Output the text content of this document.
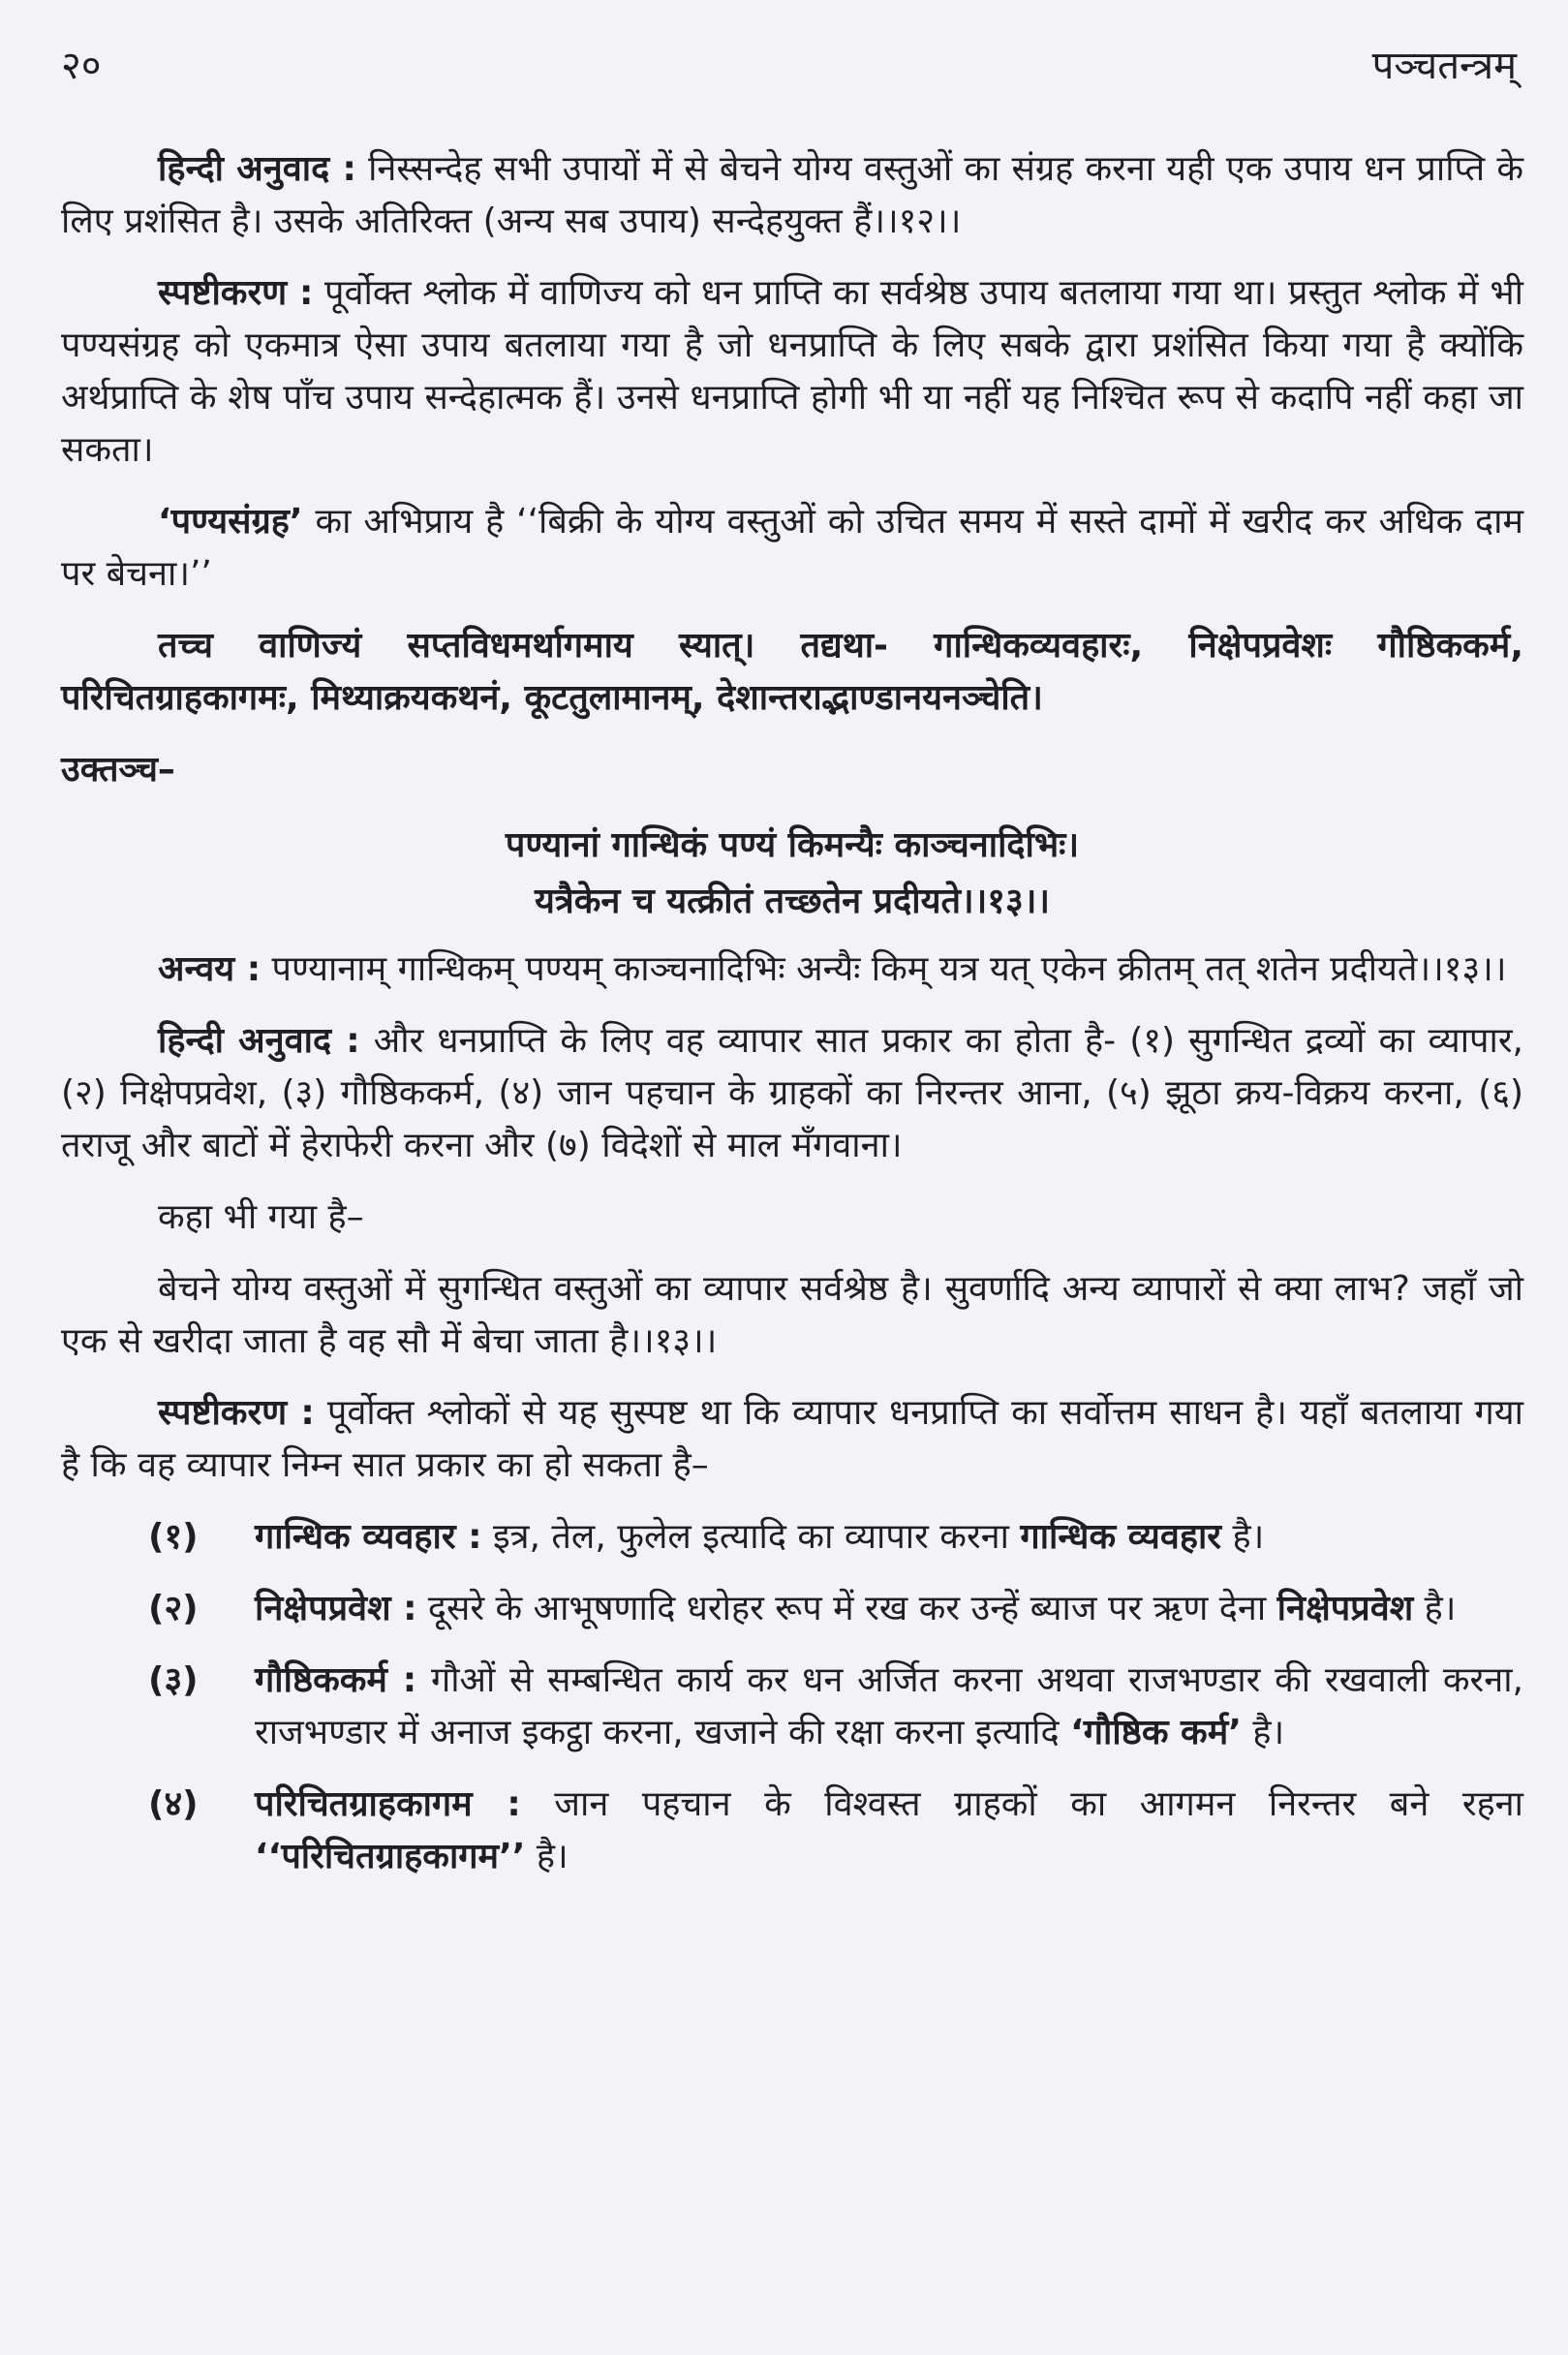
२०	पञ्चतन्त्रम्

हिन्दी अनुवाद : निस्सन्देह सभी उपायों में से बेचने योग्य वस्तुओं का संग्रह करना यही एक उपाय धन प्राप्ति के लिए प्रशंसित है। उसके अतिरिक्त (अन्य सब उपाय) सन्देहयुक्त हैं।।१२।।

स्पष्टीकरण : पूर्वोक्त श्लोक में वाणिज्य को धन प्राप्ति का सर्वश्रेष्ठ उपाय बतलाया गया था। प्रस्तुत श्लोक में भी पण्यसंग्रह को एकमात्र ऐसा उपाय बतलाया गया है जो धनप्राप्ति के लिए सबके द्वारा प्रशंसित किया गया है क्योंकि अर्थप्राप्ति के शेष पाँच उपाय सन्देहात्मक हैं। उनसे धनप्राप्ति होगी भी या नहीं यह निश्चित रूप से कदापि नहीं कहा जा सकता।

‘पण्यसंग्रह’ का अभिप्राय है ‘‘बिक्री के योग्य वस्तुओं को उचित समय में सस्ते दामों में खरीद कर अधिक दाम पर बेचना।’’

तच्च वाणिज्यं सप्तविधमर्थागमाय स्यात्। तद्यथा- गान्धिकव्यवहारः, निक्षेपप्रवेशः गौष्ठिककर्म, परिचितग्राहकागमः, मिथ्याक्रयकथनं, कूटतुलामानम्, देशान्तराद्भाण्डानयनञ्चेति।

उक्तञ्च–

पण्यानां गान्धिकं पण्यं किमन्यैः काञ्चनादिभिः।
यत्रैकेन च यत्क्रीतं तच्छतेन प्रदीयते।।१३।।

अन्वय : पण्यानाम् गान्धिकम् पण्यम् काञ्चनादिभिः अन्यैः किम् यत्र यत् एकेन क्रीतम् तत् शतेन प्रदीयते।।१३।।

हिन्दी अनुवाद : और धनप्राप्ति के लिए वह व्यापार सात प्रकार का होता है- (१) सुगन्धित द्रव्यों का व्यापार, (२) निक्षेपप्रवेश, (३) गौष्ठिककर्म, (४) जान पहचान के ग्राहकों का निरन्तर आना, (५) झूठा क्रय-विक्रय करना, (६) तराजू और बाटों में हेराफेरी करना और (७) विदेशों से माल मँगवाना।

कहा भी गया है–

बेचने योग्य वस्तुओं में सुगन्धित वस्तुओं का व्यापार सर्वश्रेष्ठ है। सुवर्णादि अन्य व्यापारों से क्या लाभ? जहाँ जो एक से खरीदा जाता है वह सौ में बेचा जाता है।।१३।।

स्पष्टीकरण : पूर्वोक्त श्लोकों से यह सुस्पष्ट था कि व्यापार धनप्राप्ति का सर्वोत्तम साधन है। यहाँ बतलाया गया है कि वह व्यापार निम्न सात प्रकार का हो सकता है–

(१)	गान्धिक व्यवहार : इत्र, तेल, फुलेल इत्यादि का व्यापार करना गान्धिक व्यवहार है।
(२)	निक्षेपप्रवेश : दूसरे के आभूषणादि धरोहर रूप में रख कर उन्हें ब्याज पर ऋण देना निक्षेपप्रवेश है।
(३)	गौष्ठिककर्म : गौओं से सम्बन्धित कार्य कर धन अर्जित करना अथवा राजभण्डार की रखवाली करना, राजभण्डार में अनाज इकट्ठा करना, खजाने की रक्षा करना इत्यादि ‘गौष्ठिक कर्म’ है।
(४)	परिचितग्राहकागम : जान पहचान के विश्वस्त ग्राहकों का आगमन निरन्तर बने रहना ‘‘परिचितग्राहकागम’’ है।
